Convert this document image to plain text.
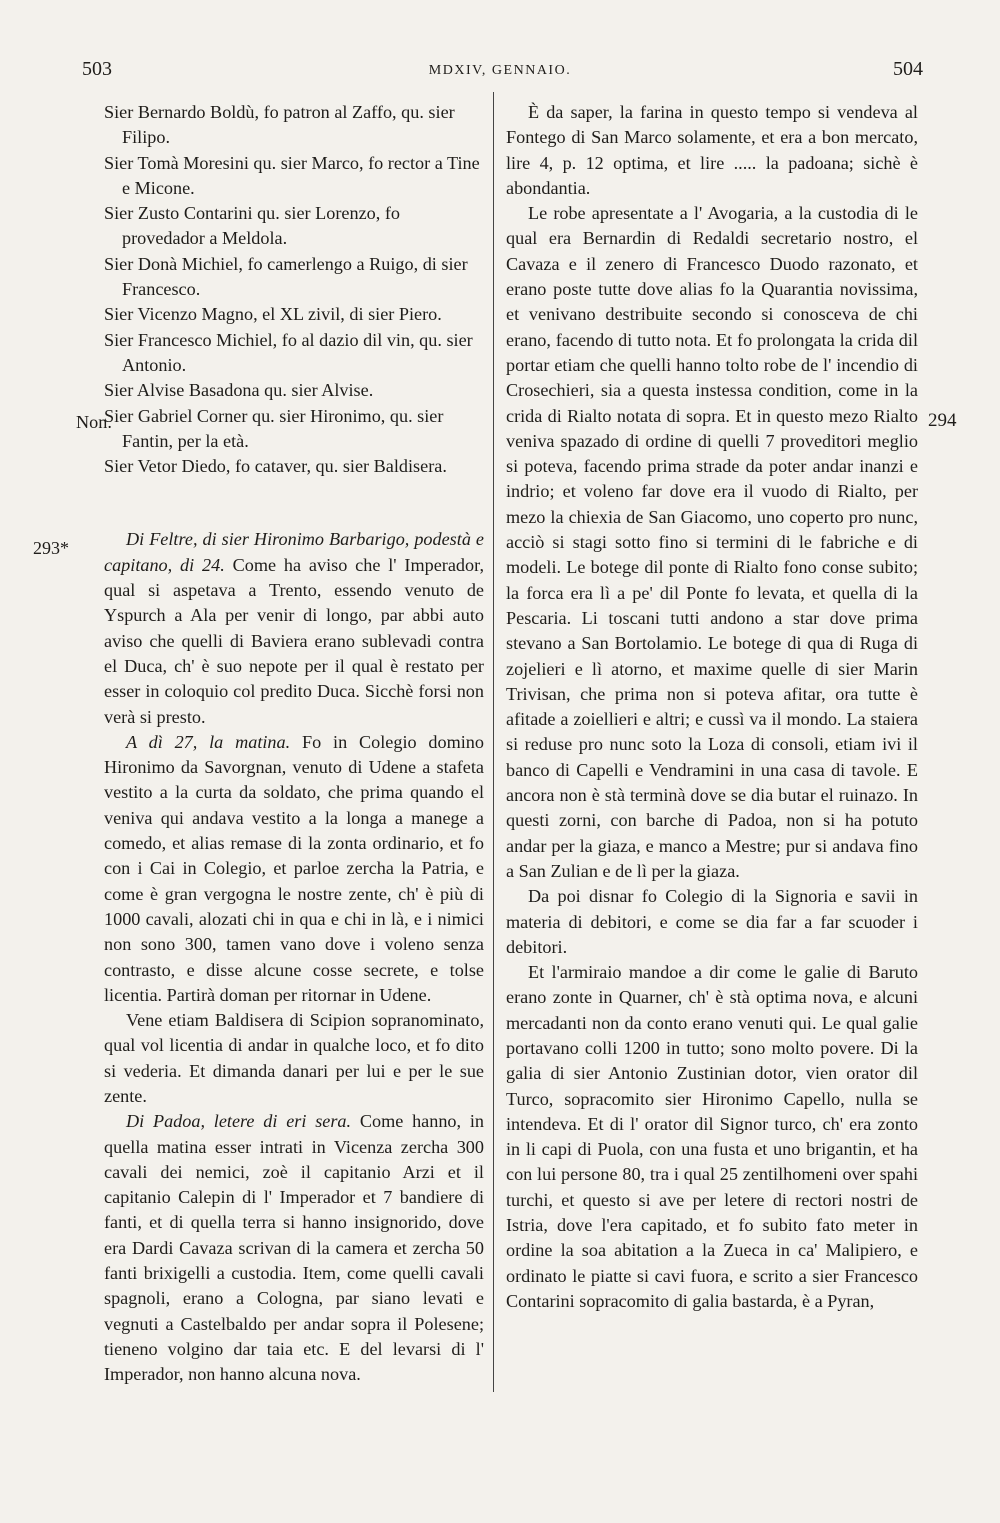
503	MDXIV, GENNAIO.	504
Non.
293*
294
Sier Bernardo Boldù, fo patron al Zaffo, qu. sier Filipo.
Sier Tomà Moresini qu. sier Marco, fo rector a Tine e Micone.
Sier Zusto Contarini qu. sier Lorenzo, fo provedador a Meldola.
Sier Donà Michiel, fo camerlengo a Ruigo, di sier Francesco.
Sier Vicenzo Magno, el XL zivil, di sier Piero.
Sier Francesco Michiel, fo al dazio dil vin, qu. sier Antonio.
Sier Alvise Basadona qu. sier Alvise.
Sier Gabriel Corner qu. sier Hironimo, qu. sier Fantin, per la età.
Sier Vetor Diedo, fo cataver, qu. sier Baldisera.
Di Feltre, di sier Hironimo Barbarigo, podestà e capitano, di 24. Come ha aviso che l' Imperador, qual si aspetava a Trento, essendo venuto de Yspurch a Ala per venir di longo, par abbi auto aviso che quelli di Baviera erano sublevadi contra el Duca, ch' è suo nepote per il qual è restato per esser in coloquio col predito Duca. Sicchè forsi non verà si presto.
A dì 27, la matina. Fo in Colegio domino Hironimo da Savorgnan, venuto di Udene a stafeta vestito a la curta da soldato, che prima quando el veniva qui andava vestito a la longa a manege a comedo, et alias remase di la zonta ordinario, et fo con i Cai in Colegio, et parloe zercha la Patria, e come è gran vergogna le nostre zente, ch' è più di 1000 cavali, alozati chi in qua e chi in là, e i nimici non sono 300, tamen vano dove i voleno senza contrasto, e disse alcune cosse secrete, e tolse licentia. Partirà doman per ritornar in Udene.
Vene etiam Baldisera di Scipion sopranominato, qual vol licentia di andar in qualche loco, et fo dito si vederia. Et dimanda danari per lui e per le sue zente.
Di Padoa, letere di eri sera. Come hanno, in quella matina esser intrati in Vicenza zercha 300 cavali dei nemici, zoè il capitanio Arzi et il capitanio Calepin di l' Imperador et 7 bandiere di fanti, et di quella terra si hanno insignorido, dove era Dardi Cavaza scrivan di la camera et zercha 50 fanti brixigelli a custodia. Item, come quelli cavali spagnoli, erano a Cologna, par siano levati e vegnuti a Castelbaldo per andar sopra il Polesene; tieneno volgino dar taia etc. E del levarsi di l' Imperador, non hanno alcuna nova.
È da saper, la farina in questo tempo si vendeva al Fontego di San Marco solamente, et era a bon mercato, lire 4, p. 12 optima, et lire ..... la padoana; sichè è abondantia.
Le robe apresentate a l' Avogaria, a la custodia di le qual era Bernardin di Redaldi secretario nostro, el Cavaza e il zenero di Francesco Duodo razonato, et erano poste tutte dove alias fo la Quarantia novissima, et venivano destribuite secondo si conosceva de chi erano, facendo di tutto nota. Et fo prolongata la crida dil portar etiam che quelli hanno tolto robe de l' incendio di Crosechieri, sia a questa instessa condition, come in la crida di Rialto notata di sopra. Et in questo mezo Rialto veniva spazado di ordine di quelli 7 proveditori meglio si poteva, facendo prima strade da poter andar inanzi e indrio; et voleno far dove era il vuodo di Rialto, per mezo la chiexia de San Giacomo, uno coperto pro nunc, acciò si stagi sotto fino si termini di le fabriche e di modeli. Le botege dil ponte di Rialto fono conse subito; la forca era lì a pe' dil Ponte fo levata, et quella di la Pescaria. Li toscani tutti andono a star dove prima stevano a San Bortolamio. Le botege di qua di Ruga di zojelieri e lì atorno, et maxime quelle di sier Marin Trivisan, che prima non si poteva afitar, ora tutte è afitade a zoiellieri e altri; e cussì va il mondo. La staiera si reduse pro nunc soto la Loza di consoli, etiam ivi il banco di Capelli e Vendramini in una casa di tavole. E ancora non è stà terminà dove se dia butar el ruinazo. In questi zorni, con barche di Padoa, non si ha potuto andar per la giaza, e manco a Mestre; pur si andava fino a San Zulian e de lì per la giaza.
Da poi disnar fo Colegio di la Signoria e savii in materia di debitori, e come se dia far a far scuoder i debitori.
Et l'armiraio mandoe a dir come le galie di Baruto erano zonte in Quarner, ch' è stà optima nova, e alcuni mercadanti non da conto erano venuti qui. Le qual galie portavano colli 1200 in tutto; sono molto povere. Di la galia di sier Antonio Zustinian dotor, vien orator dil Turco, sopracomito sier Hironimo Capello, nulla se intendeva. Et di l' orator dil Signor turco, ch' era zonto in li capi di Puola, con una fusta et uno brigantin, et ha con lui persone 80, tra i qual 25 zentilhomeni over spahi turchi, et questo si ave per letere di rectori nostri de Istria, dove l'era capitado, et fo subito fato meter in ordine la soa abitation a la Zueca in ca' Malipiero, e ordinato le piatte si cavi fuora, e scrito a sier Francesco Contarini sopracomito di galia bastarda, è a Pyran,
